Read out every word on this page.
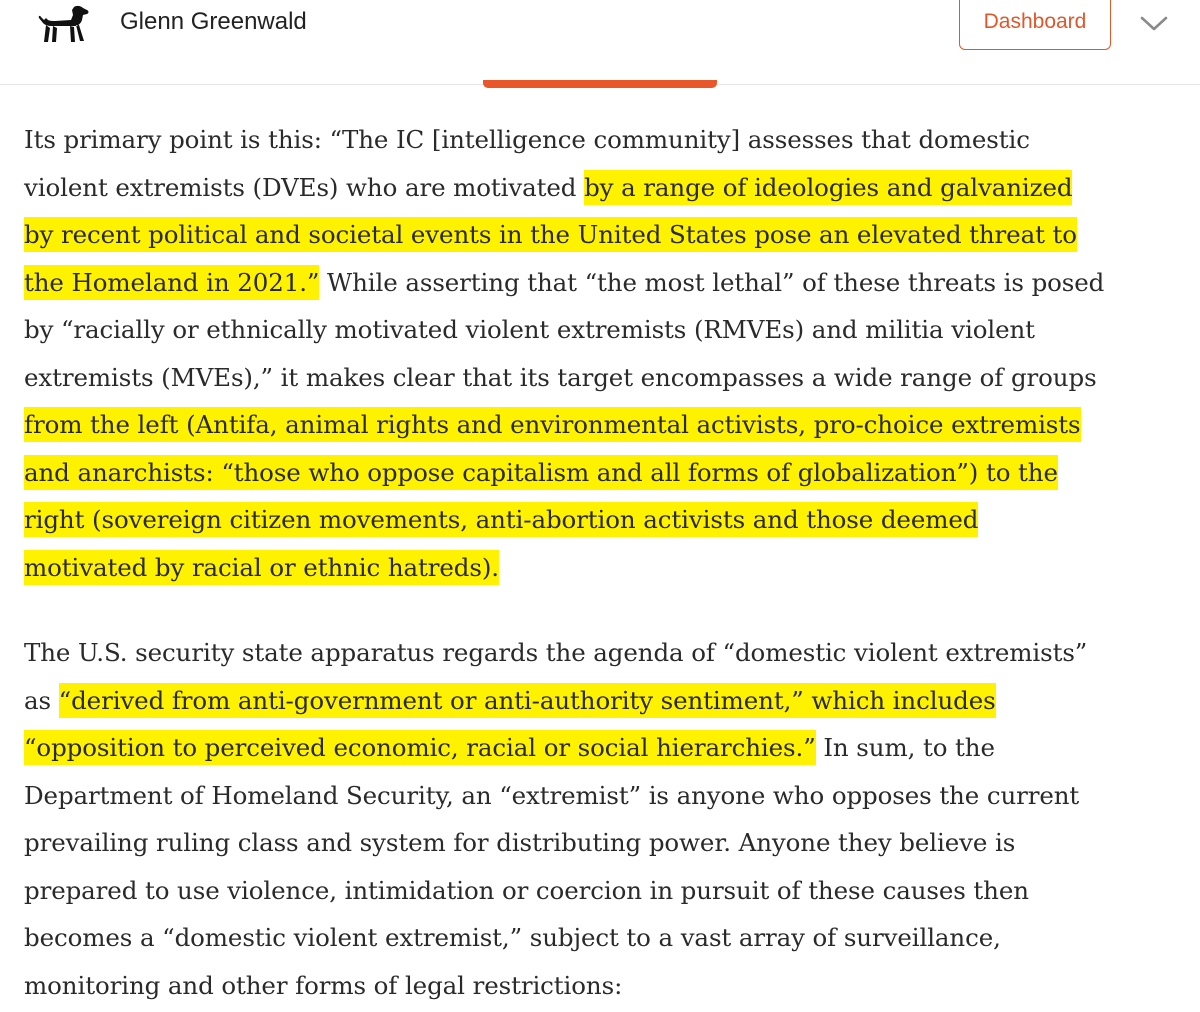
Glenn Greenwald	Dashboard

Its primary point is this: “The IC [intelligence community] assesses that domestic
violent extremists (DVEs) who are motivated by a range of ideologies and galvanized
by recent political and societal events in the United States pose an elevated threat to
the Homeland in 2021.” While asserting that “the most lethal” of these threats is posed
by “racially or ethnically motivated violent extremists (RMVEs) and militia violent
extremists (MVEs),” it makes clear that its target encompasses a wide range of groups
from the left (Antifa, animal rights and environmental activists, pro-choice extremists
and anarchists: “those who oppose capitalism and all forms of globalization”) to the
right (sovereign citizen movements, anti-abortion activists and those deemed
motivated by racial or ethnic hatreds).

The U.S. security state apparatus regards the agenda of “domestic violent extremists”
as “derived from anti-government or anti-authority sentiment,” which includes
“opposition to perceived economic, racial or social hierarchies.” In sum, to the
Department of Homeland Security, an “extremist” is anyone who opposes the current
prevailing ruling class and system for distributing power. Anyone they believe is
prepared to use violence, intimidation or coercion in pursuit of these causes then
becomes a “domestic violent extremist,” subject to a vast array of surveillance,
monitoring and other forms of legal restrictions:
